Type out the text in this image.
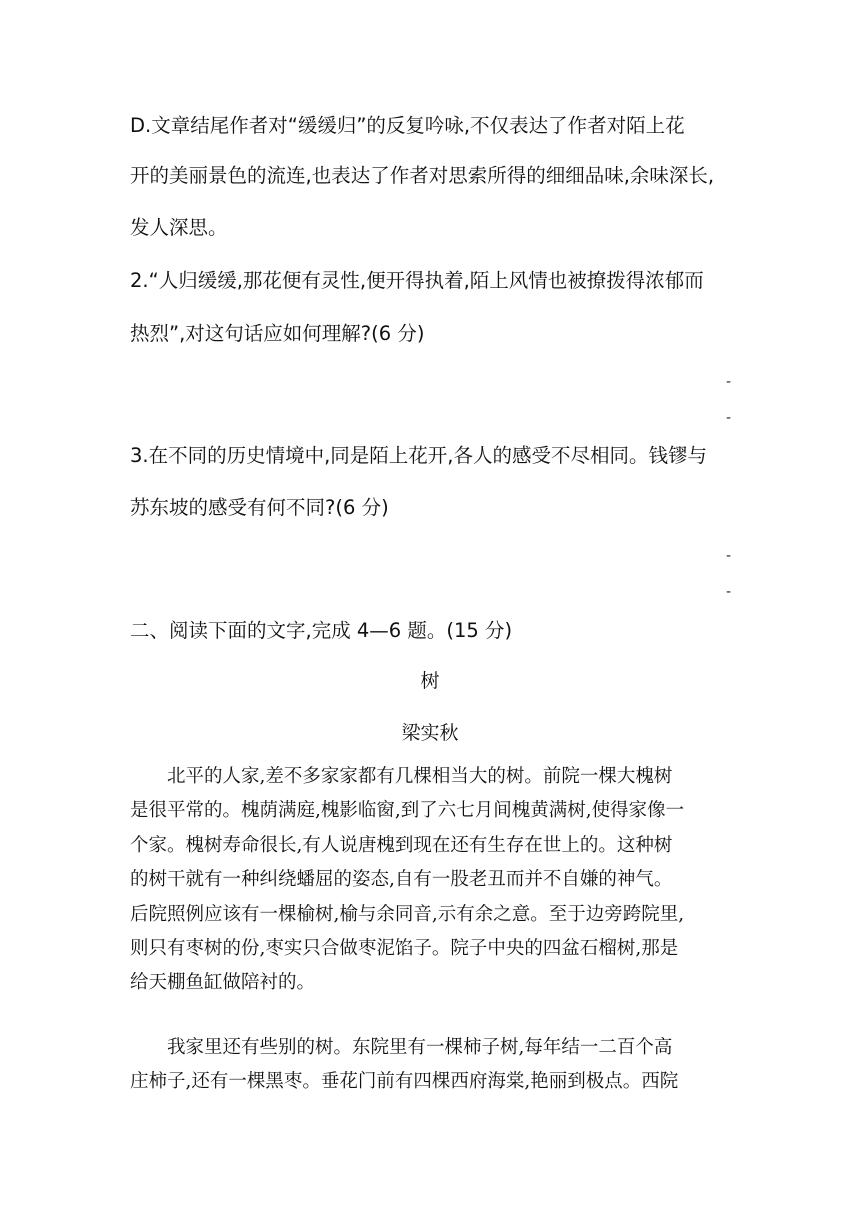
D.文章结尾作者对“缓缓归”的反复吟咏,不仅表达了作者对陌上花
开的美丽景色的流连,也表达了作者对思索所得的细细品味,余味深长,
发人深思。
2.“人归缓缓,那花便有灵性,便开得执着,陌上风情也被撩拨得浓郁而
热烈”,对这句话应如何理解?(6 分)
-
-
3.在不同的历史情境中,同是陌上花开,各人的感受不尽相同。钱镠与
苏东坡的感受有何不同?(6 分)
-
-
二、阅读下面的文字,完成 4—6 题。(15 分)
树
梁实秋

　　北平的人家,差不多家家都有几棵相当大的树。前院一棵大槐树

是很平常的。槐荫满庭,槐影临窗,到了六七月间槐黄满树,使得家像一

个家。槐树寿命很长,有人说唐槐到现在还有生存在世上的。这种树

的树干就有一种纠绕蟠屈的姿态,自有一股老丑而并不自嫌的神气。

后院照例应该有一棵榆树,榆与余同音,示有余之意。至于边旁跨院里,

则只有枣树的份,枣实只合做枣泥馅子。院子中央的四盆石榴树,那是

给天棚鱼缸做陪衬的。

　　我家里还有些别的树。东院里有一棵柿子树,每年结一二百个高

庄柿子,还有一棵黑枣。垂花门前有四棵西府海棠,艳丽到极点。西院
